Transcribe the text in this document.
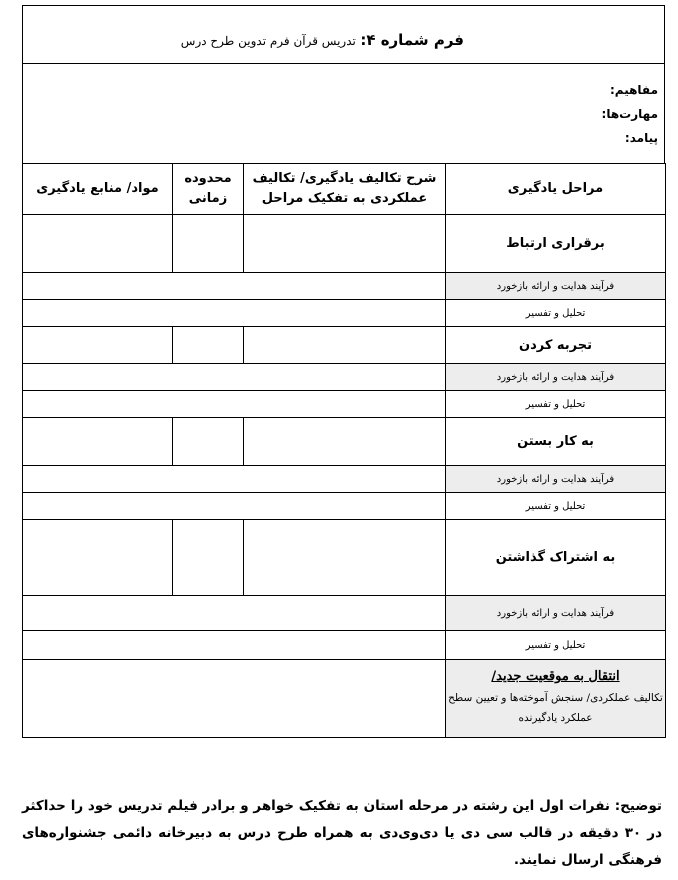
فرم شماره ۴: تدریس قرآن فرم تدوین طرح درس
مفاهیم:
مهارت‌ها:
پیامد:
مراحل یادگیری	شرح تکالیف یادگیری/ تکالیف عملکردی به تفکیک مراحل	محدوده زمانی	مواد/ منابع یادگیری
برقراری ارتباط			
فرآیند هدایت و ارائه بازخورد			
تحلیل و تفسیر			
تجربه کردن			
فرآیند هدایت و ارائه بازخورد			
تحلیل و تفسیر			
به کار بستن			
فرآیند هدایت و ارائه بازخورد			
تحلیل و تفسیر			
به اشتراک گذاشتن			
فرآیند هدایت و ارائه بازخورد			
تحلیل و تفسیر			

انتقال به موقعیت جدید/
تکالیف عملکردی/ سنجش آموخته‌ها و تعیین سطح عملکرد یادگیرنده			

توضیح: نفرات اول این رشته در مرحله استان به تفکیک خواهر و برادر فیلم تدریس خود را حداکثر در ۳۰ دقیقه در قالب سی دی یا دی‌وی‌دی به همراه طرح درس به دبیرخانه دائمی جشنواره‌های فرهنگی ارسال نمایند.
